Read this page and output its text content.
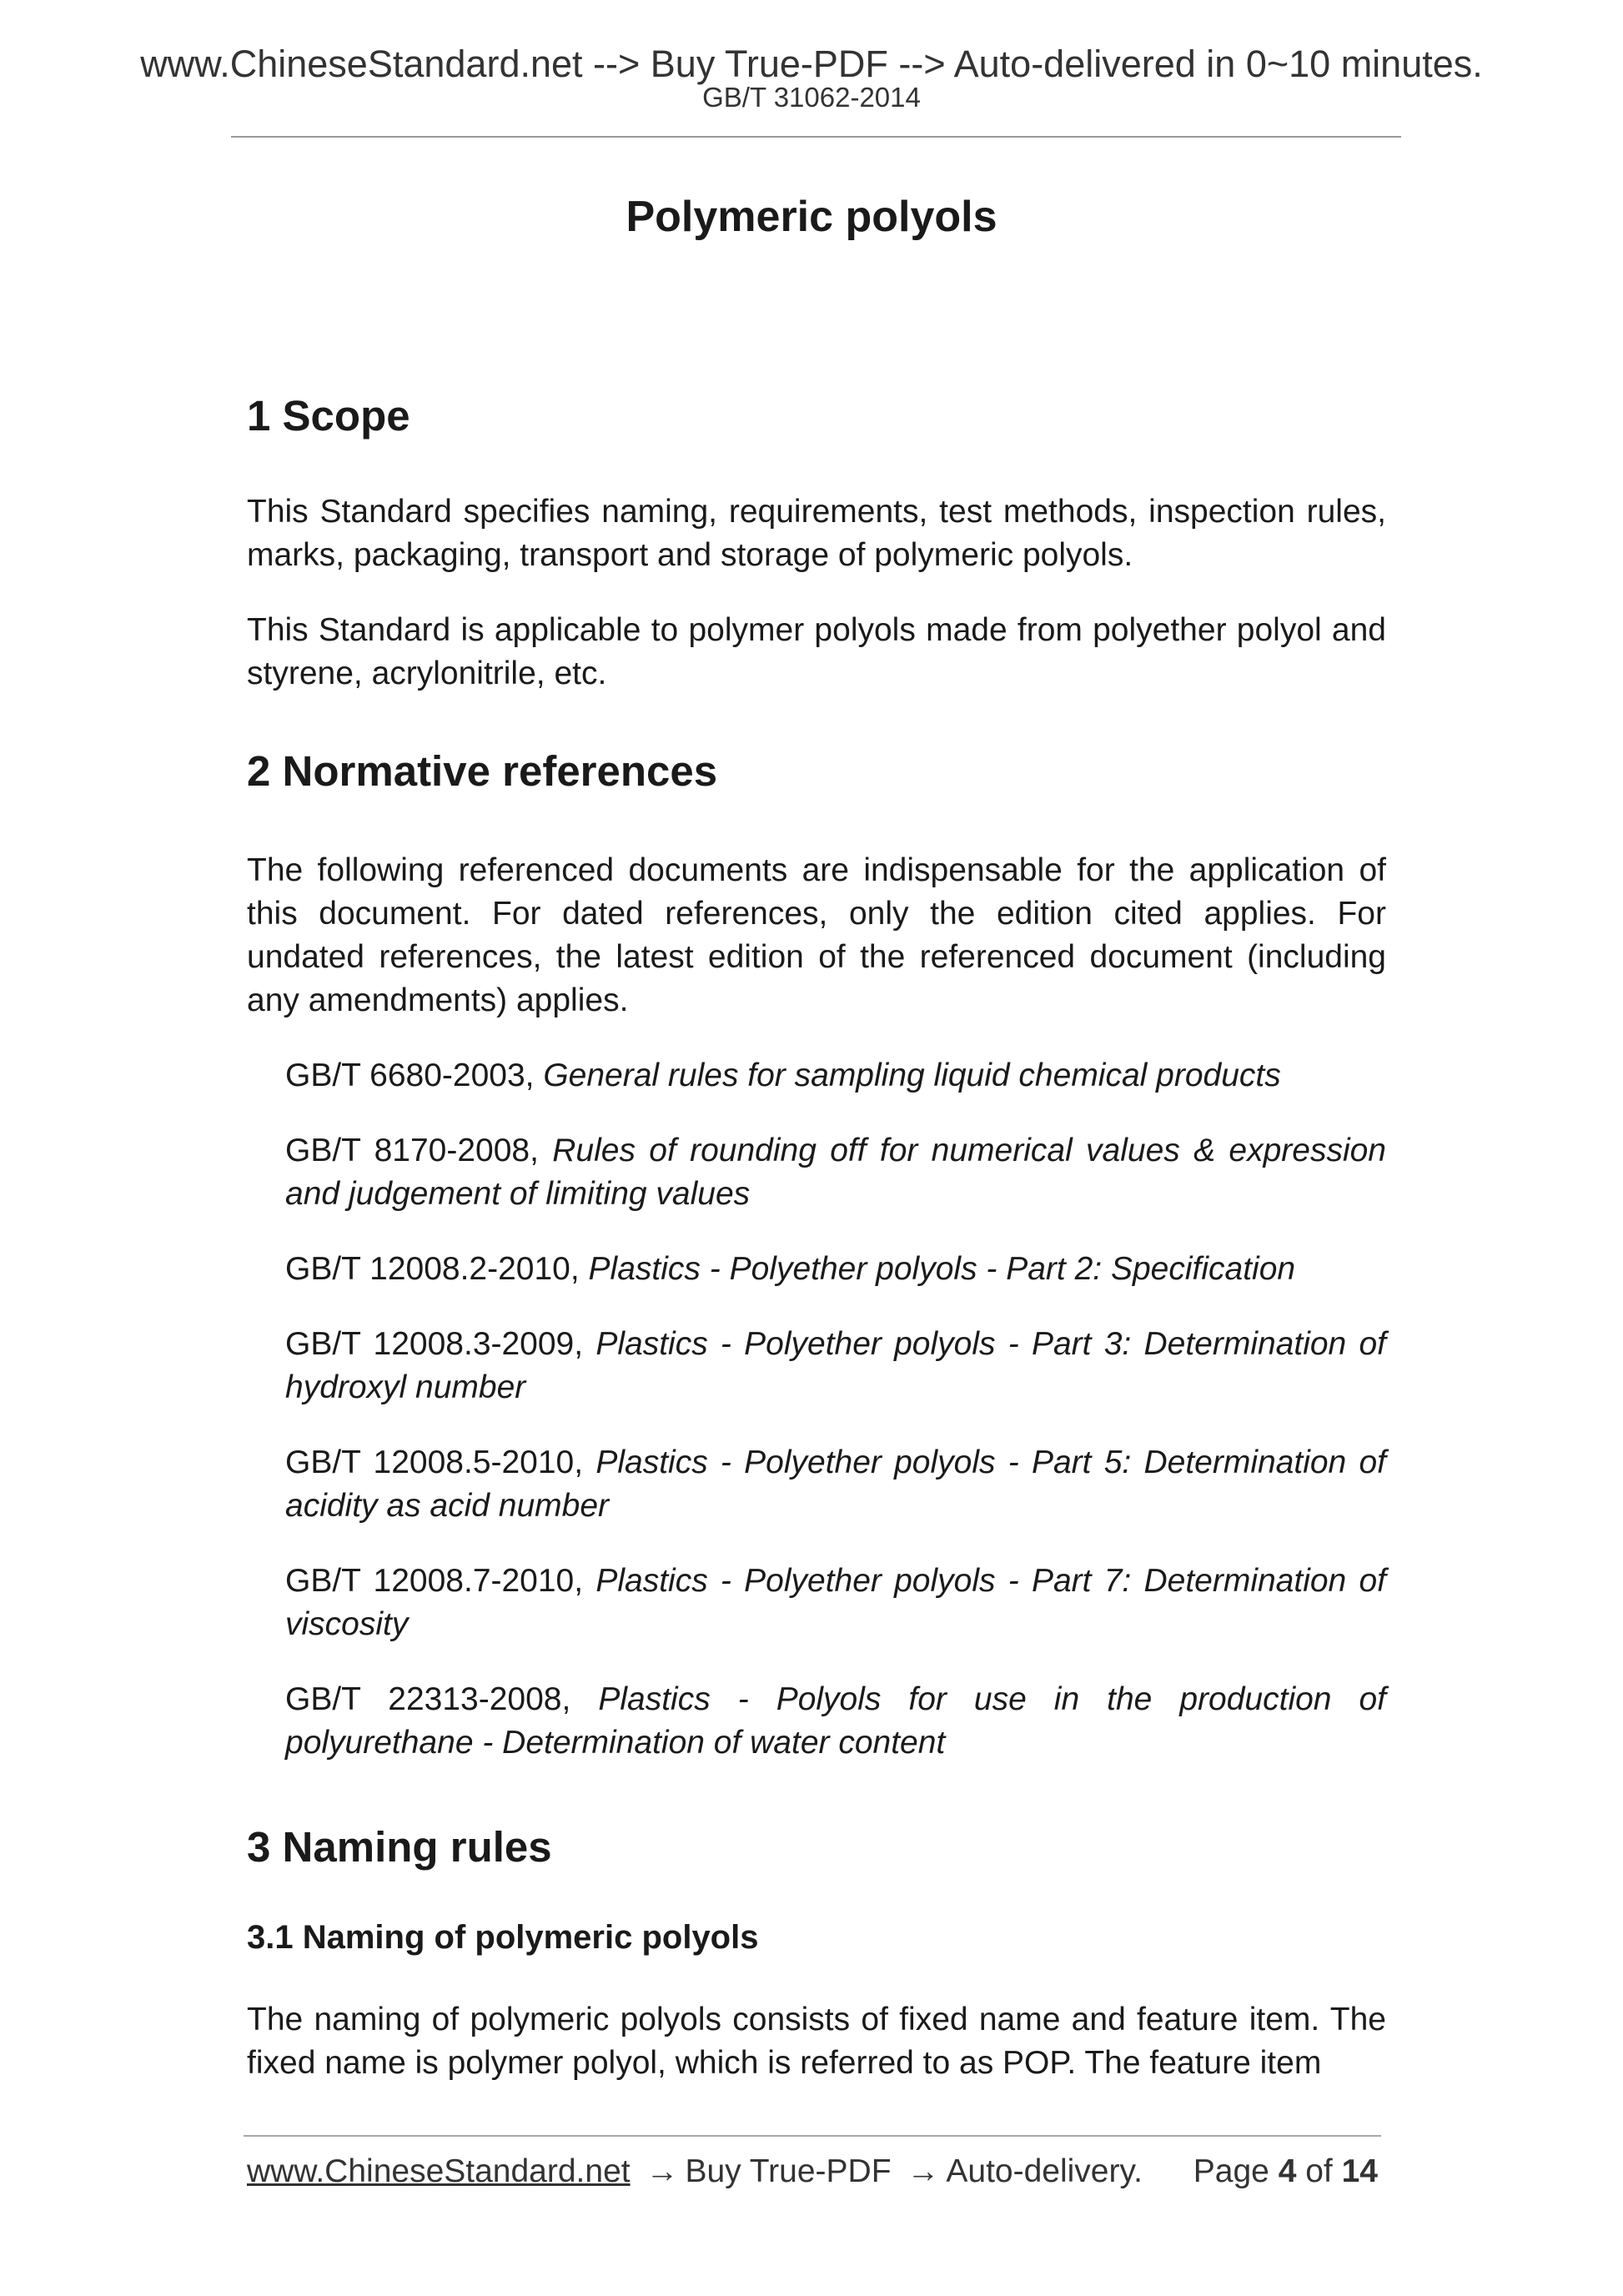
www.ChineseStandard.net --> Buy True-PDF --> Auto-delivered in 0~10 minutes.
GB/T 31062-2014
Polymeric polyols
1 Scope

This Standard specifies naming, requirements, test methods, inspection rules, marks, packaging, transport and storage of polymeric polyols.

This Standard is applicable to polymer polyols made from polyether polyol and styrene, acrylonitrile, etc.

2 Normative references

The following referenced documents are indispensable for the application of this document. For dated references, only the edition cited applies. For undated references, the latest edition of the referenced document (including any amendments) applies.

GB/T 6680-2003, General rules for sampling liquid chemical products

GB/T 8170-2008, Rules of rounding off for numerical values & expression and judgement of limiting values

GB/T 12008.2-2010, Plastics - Polyether polyols - Part 2: Specification

GB/T 12008.3-2009, Plastics - Polyether polyols - Part 3: Determination of hydroxyl number

GB/T 12008.5-2010, Plastics - Polyether polyols - Part 5: Determination of acidity as acid number

GB/T 12008.7-2010, Plastics - Polyether polyols - Part 7: Determination of viscosity

GB/T 22313-2008, Plastics - Polyols for use in the production of polyurethane - Determination of water content

3 Naming rules
3.1 Naming of polymeric polyols

The naming of polymeric polyols consists of fixed name and feature item. The fixed name is polymer polyol, which is referred to as POP. The feature item

www.ChineseStandard.net → Buy True-PDF → Auto-delivery. Page 4 of 14
